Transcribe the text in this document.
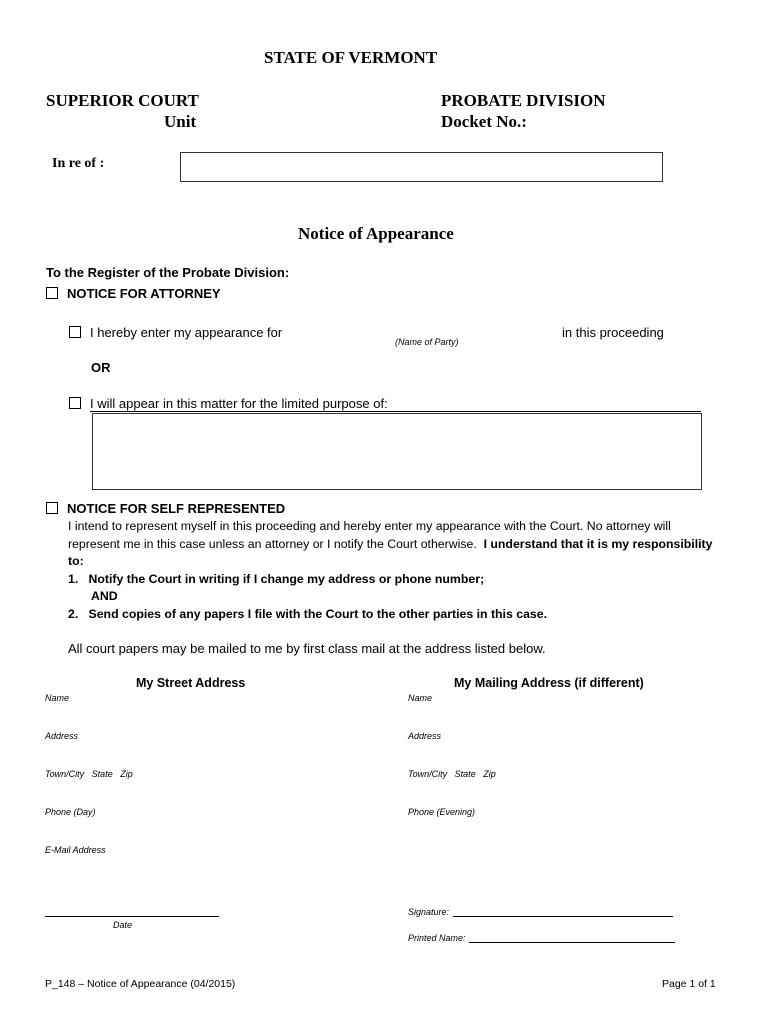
STATE OF VERMONT
SUPERIOR COURT
Unit
PROBATE DIVISION
Docket No.:
In re of :
Notice of Appearance
To the Register of the Probate Division:
NOTICE FOR ATTORNEY
I hereby enter my appearance for
(Name of Party)
in this proceeding
OR
I will appear in this matter for the limited purpose of:
NOTICE FOR SELF REPRESENTED
I intend to represent myself in this proceeding and hereby enter my appearance with the Court. No attorney will
represent me in this case unless an attorney or I notify the Court otherwise. I understand that it is my responsibility
to:
1. Notify the Court in writing if I change my address or phone number;
AND
2. Send copies of any papers I file with the Court to the other parties in this case.
All court papers may be mailed to me by first class mail at the address listed below.
My Street Address	My Mailing Address (if different)
Name
Address
Town/City   State   Zip
Phone (Day)
E-Mail Address
Name
Address
Town/City   State   Zip
Phone (Evening)
Date
Signature:
Printed Name:
P_148 – Notice of Appearance (04/2015)	Page 1 of 1
